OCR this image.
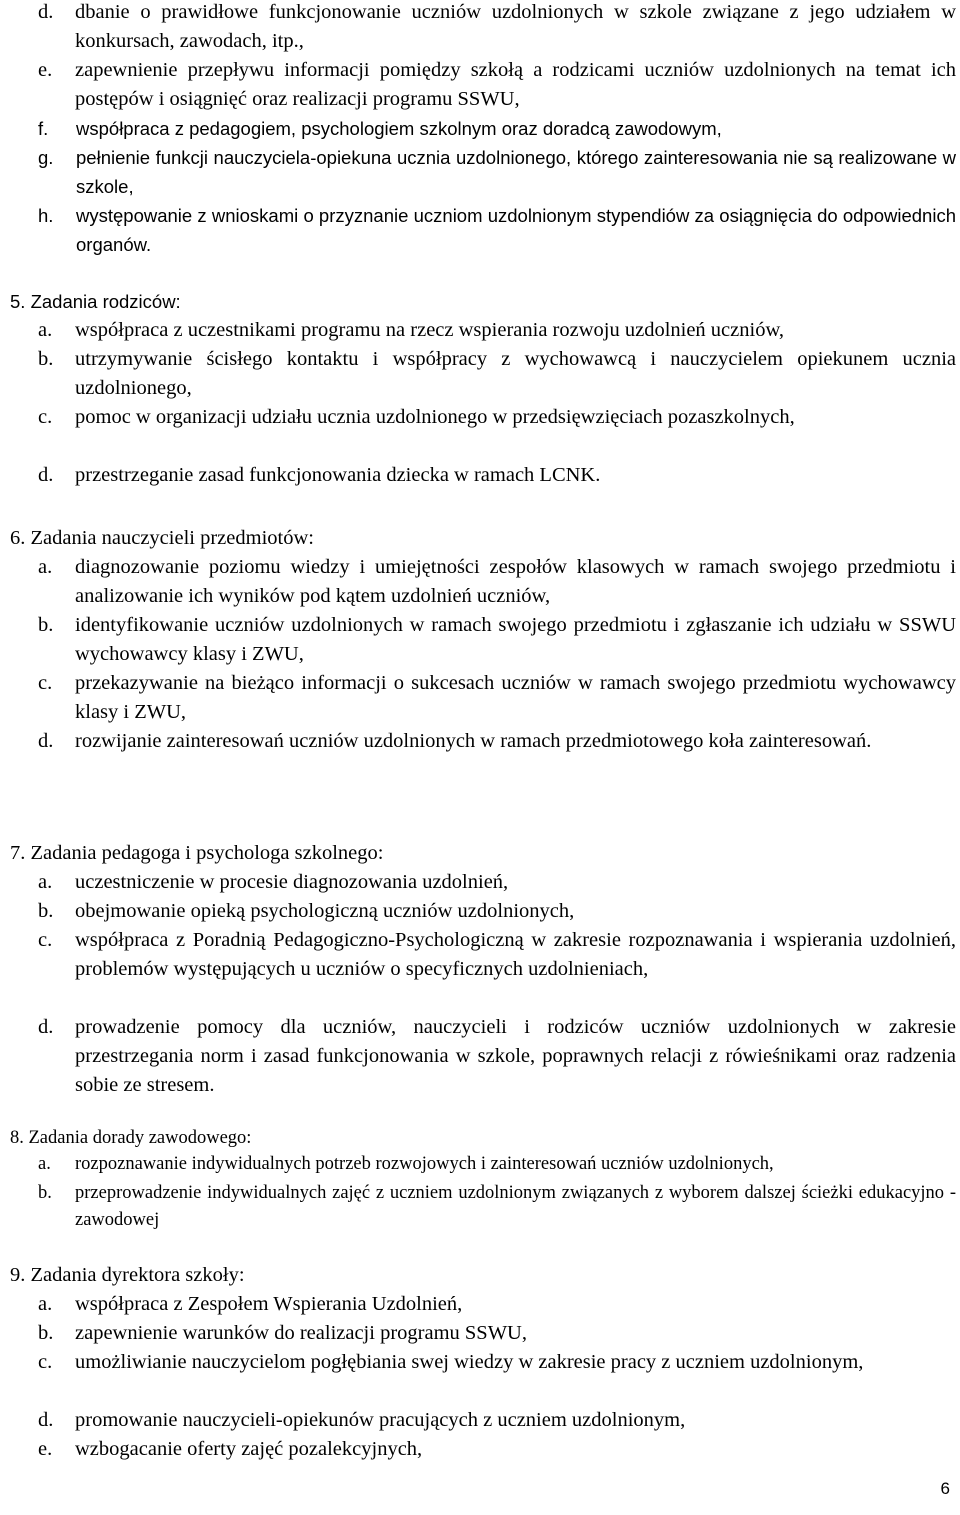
d. dbanie o prawidłowe funkcjonowanie uczniów uzdolnionych w szkole związane z jego udziałem w konkursach, zawodach, itp.,
e. zapewnienie przepływu informacji pomiędzy szkołą a rodzicami uczniów uzdolnionych na temat ich postępów i osiągnięć oraz realizacji programu SSWU,
f. współpraca z pedagogiem, psychologiem szkolnym oraz doradcą zawodowym,
g. pełnienie funkcji nauczyciela-opiekuna ucznia uzdolnionego, którego zainteresowania nie są realizowane w szkole,
h. występowanie z wnioskami o przyznanie uczniom uzdolnionym stypendiów za osiągnięcia do odpowiednich organów.
5. Zadania rodziców:
a. współpraca z uczestnikami programu na rzecz wspierania rozwoju uzdolnień uczniów,
b. utrzymywanie ścisłego kontaktu i współpracy z wychowawcą i nauczycielem opiekunem ucznia uzdolnionego,
c. pomoc w organizacji udziału ucznia uzdolnionego w przedsięwzięciach pozaszkolnych,
d. przestrzeganie zasad funkcjonowania dziecka w ramach LCNK.
6. Zadania nauczycieli przedmiotów:
a. diagnozowanie poziomu wiedzy i umiejętności zespołów klasowych w ramach swojego przedmiotu i analizowanie ich wyników pod kątem uzdolnień uczniów,
b. identyfikowanie uczniów uzdolnionych w ramach swojego przedmiotu i zgłaszanie ich udziału w SSWU wychowawcy klasy i ZWU,
c. przekazywanie na bieżąco informacji o sukcesach uczniów w ramach swojego przedmiotu wychowawcy klasy i ZWU,
d. rozwijanie zainteresowań uczniów uzdolnionych w ramach przedmiotowego koła zainteresowań.
7. Zadania pedagoga i psychologa szkolnego:
a. uczestniczenie w procesie diagnozowania uzdolnień,
b. obejmowanie opieką psychologiczną uczniów uzdolnionych,
c. współpraca z Poradnią Pedagogiczno-Psychologiczną w zakresie rozpoznawania i wspierania uzdolnień, problemów występujących u uczniów o specyficznych uzdolnieniach,
d. prowadzenie pomocy dla uczniów, nauczycieli i rodziców uczniów uzdolnionych w zakresie przestrzegania norm i zasad funkcjonowania w szkole, poprawnych relacji z rówieśnikami oraz radzenia sobie ze stresem.
8. Zadania dorady zawodowego:
a. rozpoznawanie indywidualnych potrzeb rozwojowych i zainteresowań uczniów uzdolnionych,
b. przeprowadzenie indywidualnych zajęć z uczniem uzdolnionym związanych z wyborem dalszej ścieżki edukacyjno -zawodowej
9. Zadania dyrektora szkoły:
a. współpraca z Zespołem Wspierania Uzdolnień,
b. zapewnienie warunków do realizacji programu SSWU,
c. umożliwianie nauczycielom pogłębiania swej wiedzy w zakresie pracy z uczniem uzdolnionym,
d. promowanie nauczycieli-opiekunów pracujących z uczniem uzdolnionym,
e. wzbogacanie oferty zajęć pozalekcyjnych,
6
